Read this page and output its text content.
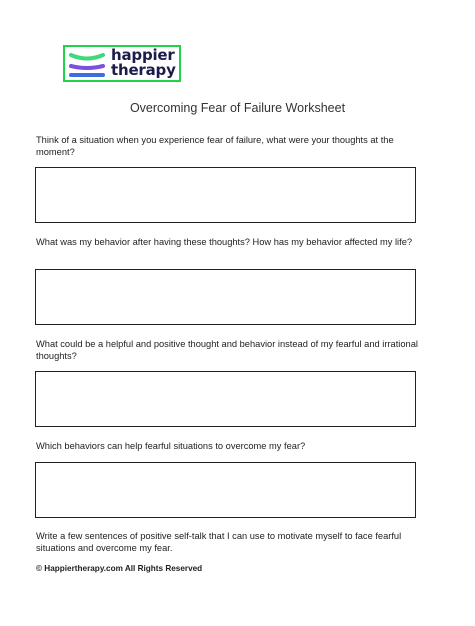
happier
therapy
Overcoming Fear of Failure Worksheet
Think of a situation when you experience fear of failure, what were your thoughts at the moment?
What was my behavior after having these thoughts? How has my behavior affected my life?
What could be a helpful and positive thought and behavior instead of my fearful and irrational thoughts?
Which behaviors can help fearful situations to overcome my fear?
Write a few sentences of positive self-talk that I can use to motivate myself to face fearful situations and overcome my fear.
© Happiertherapy.com All Rights Reserved
